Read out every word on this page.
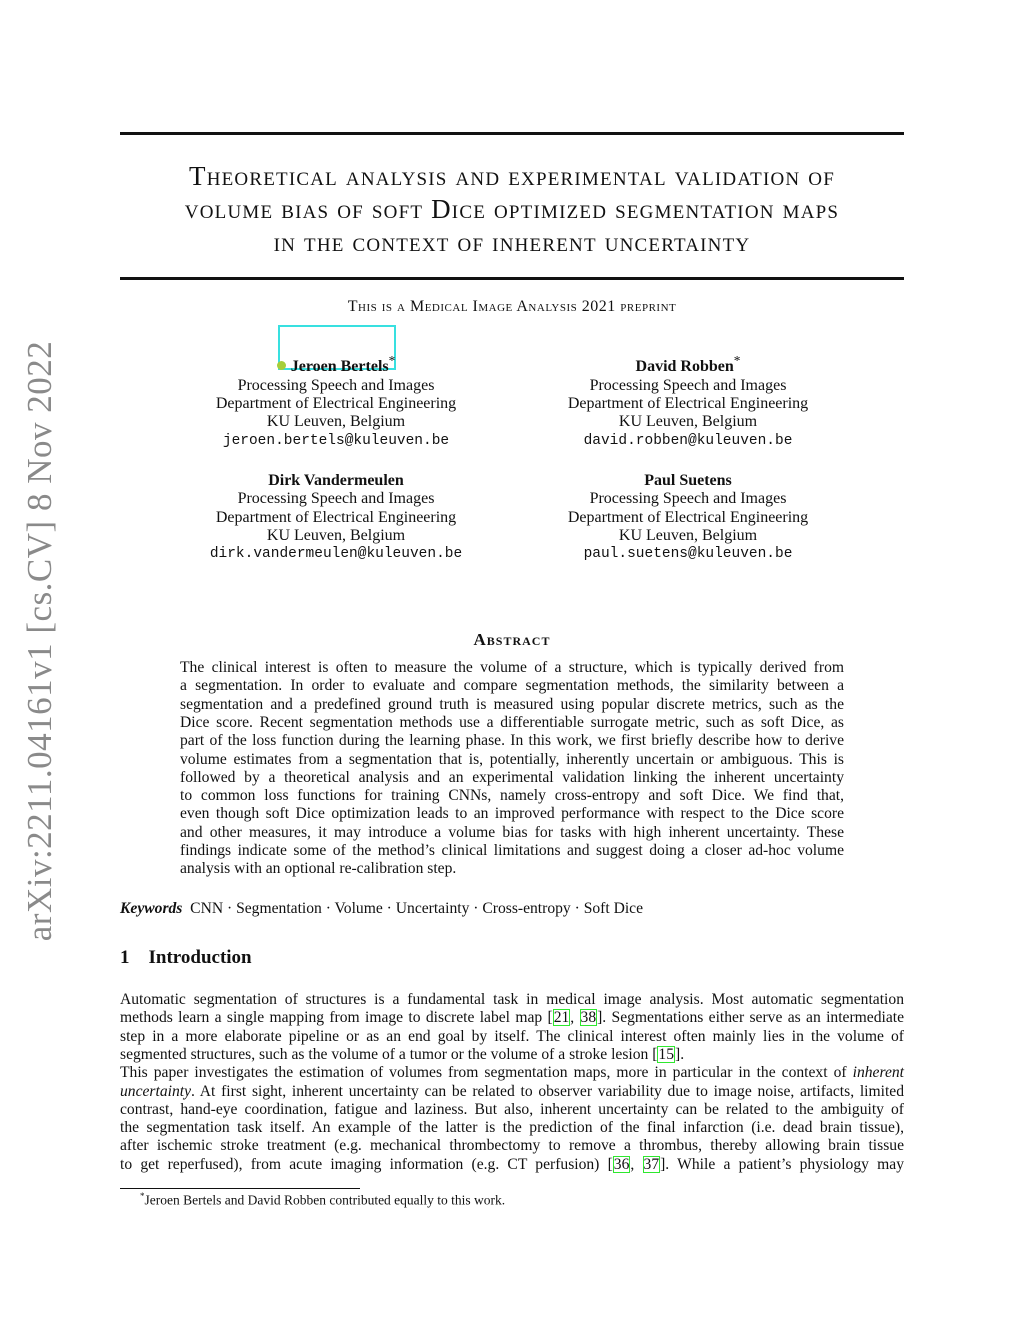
arXiv:2211.04161v1 [cs.CV] 8 Nov 2022
Theoretical analysis and experimental validation of
volume bias of soft Dice optimized segmentation maps
in the context of inherent uncertainty
This is a Medical Image Analysis 2021 preprint
Jeroen Bertels*
Processing Speech and Images
Department of Electrical Engineering
KU Leuven, Belgium
jeroen.bertels@kuleuven.be
David Robben*
Processing Speech and Images
Department of Electrical Engineering
KU Leuven, Belgium
david.robben@kuleuven.be
Dirk Vandermeulen
Processing Speech and Images
Department of Electrical Engineering
KU Leuven, Belgium
dirk.vandermeulen@kuleuven.be
Paul Suetens
Processing Speech and Images
Department of Electrical Engineering
KU Leuven, Belgium
paul.suetens@kuleuven.be
Abstract
The clinical interest is often to measure the volume of a structure, which is typically derived from
a segmentation. In order to evaluate and compare segmentation methods, the similarity between a
segmentation and a predefined ground truth is measured using popular discrete metrics, such as the
Dice score. Recent segmentation methods use a differentiable surrogate metric, such as soft Dice, as
part of the loss function during the learning phase. In this work, we first briefly describe how to derive
volume estimates from a segmentation that is, potentially, inherently uncertain or ambiguous. This is
followed by a theoretical analysis and an experimental validation linking the inherent uncertainty
to common loss functions for training CNNs, namely cross-entropy and soft Dice. We find that,
even though soft Dice optimization leads to an improved performance with respect to the Dice score
and other measures, it may introduce a volume bias for tasks with high inherent uncertainty. These
findings indicate some of the method’s clinical limitations and suggest doing a closer ad-hoc volume
analysis with an optional re-calibration step.
Keywords CNN · Segmentation · Volume · Uncertainty · Cross-entropy · Soft Dice
1 Introduction
Automatic segmentation of structures is a fundamental task in medical image analysis. Most automatic segmentation
methods learn a single mapping from image to discrete label map [21, 38]. Segmentations either serve as an intermediate
step in a more elaborate pipeline or as an end goal by itself. The clinical interest often mainly lies in the volume of
segmented structures, such as the volume of a tumor or the volume of a stroke lesion [15].
This paper investigates the estimation of volumes from segmentation maps, more in particular in the context of inherent
uncertainty. At first sight, inherent uncertainty can be related to observer variability due to image noise, artifacts, limited
contrast, hand-eye coordination, fatigue and laziness. But also, inherent uncertainty can be related to the ambiguity of
the segmentation task itself. An example of the latter is the prediction of the final infarction (i.e. dead brain tissue),
after ischemic stroke treatment (e.g. mechanical thrombectomy to remove a thrombus, thereby allowing brain tissue
to get reperfused), from acute imaging information (e.g. CT perfusion) [36, 37]. While a patient’s physiology may
*Jeroen Bertels and David Robben contributed equally to this work.
